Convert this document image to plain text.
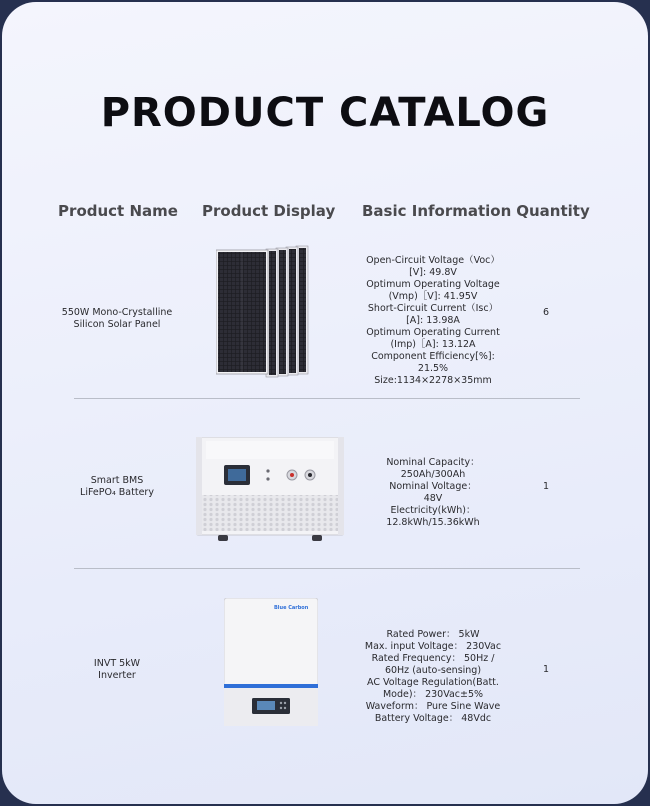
PRODUCT CATALOG
Product Name Product Display Basic Information Quantity
550W Mono-Crystalline
Silicon Solar Panel
Open-Circuit Voltage（Voc）
[V]: 49.8V
Optimum Operating Voltage
(Vmp)［V]: 41.95V
Short-Circuit Current（Isc）
[A]: 13.98A
Optimum Operating Current
(Imp)［A]: 13.12A
Component Efficiency[%]:
21.5%
Size:1134×2278×35mm
6
Smart BMS
LiFePO₄ Battery
Nominal Capacity：
250Ah/300Ah
Nominal Voltage：
48V
Electricity(kWh)：
12.8kWh/15.36kWh
1
INVT 5kW
Inverter
Blue Carbon
Rated Power： 5kW
Max. input Voltage： 230Vac
Rated Frequency： 50Hz /
60Hz (auto-sensing)
AC Voltage Regulation(Batt.
Mode)： 230Vac±5%
Waveform： Pure Sine Wave
Battery Voltage： 48Vdc
1
